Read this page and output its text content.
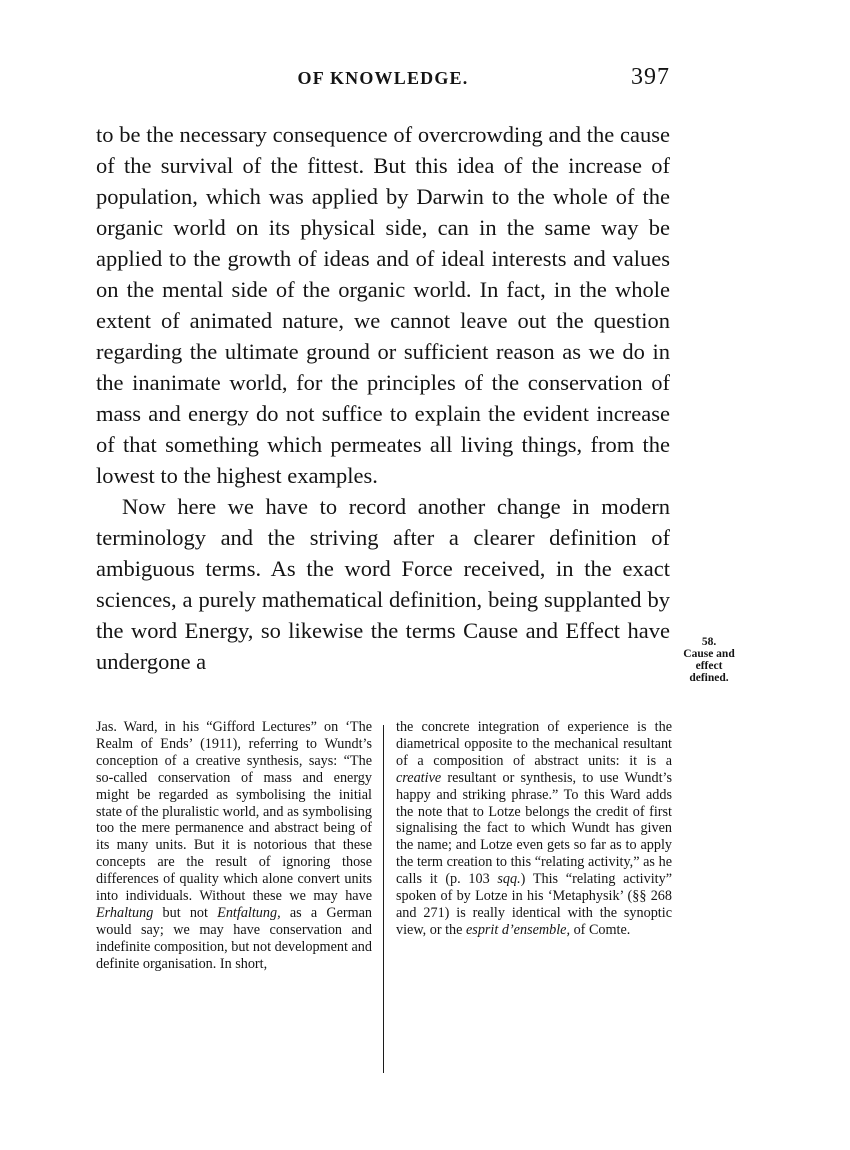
OF KNOWLEDGE.	397

to be the necessary consequence of overcrowding and the cause of the survival of the fittest. But this idea of the increase of population, which was applied by Darwin to the whole of the organic world on its physical side, can in the same way be applied to the growth of ideas and of ideal interests and values on the mental side of the organic world. In fact, in the whole extent of animated nature, we cannot leave out the question regarding the ultimate ground or sufficient reason as we do in the inanimate world, for the principles of the conservation of mass and energy do not suffice to explain the evident increase of that something which permeates all living things, from the lowest to the highest examples.

Now here we have to record another change in modern terminology and the striving after a clearer definition of ambiguous terms. As the word Force received, in the exact sciences, a purely mathematical definition, being supplanted by the word Energy, so likewise the terms Cause and Effect have undergone a

58.
Cause and effect defined.

Jas. Ward, in his “Gifford Lectures” on ‘The Realm of Ends’ (1911), referring to Wundt’s conception of a creative synthesis, says: “The so-called conservation of mass and energy might be regarded as symbolising the initial state of the pluralistic world, and as symbolising too the mere permanence and abstract being of its many units. But it is notorious that these concepts are the result of ignoring those differences of quality which alone convert units into individuals. Without these we may have Erhaltung but not Entfaltung, as a German would say; we may have conservation and indefinite composition, but not development and definite organisation. In short,

the concrete integration of experience is the diametrical opposite to the mechanical resultant of a composition of abstract units: it is a creative resultant or synthesis, to use Wundt’s happy and striking phrase.” To this Ward adds the note that to Lotze belongs the credit of first signalising the fact to which Wundt has given the name; and Lotze even gets so far as to apply the term creation to this “relating activity,” as he calls it (p. 103 sqq.) This “relating activity” spoken of by Lotze in his ‘Metaphysik’ (§§ 268 and 271) is really identical with the synoptic view, or the esprit d’ensemble, of Comte.
